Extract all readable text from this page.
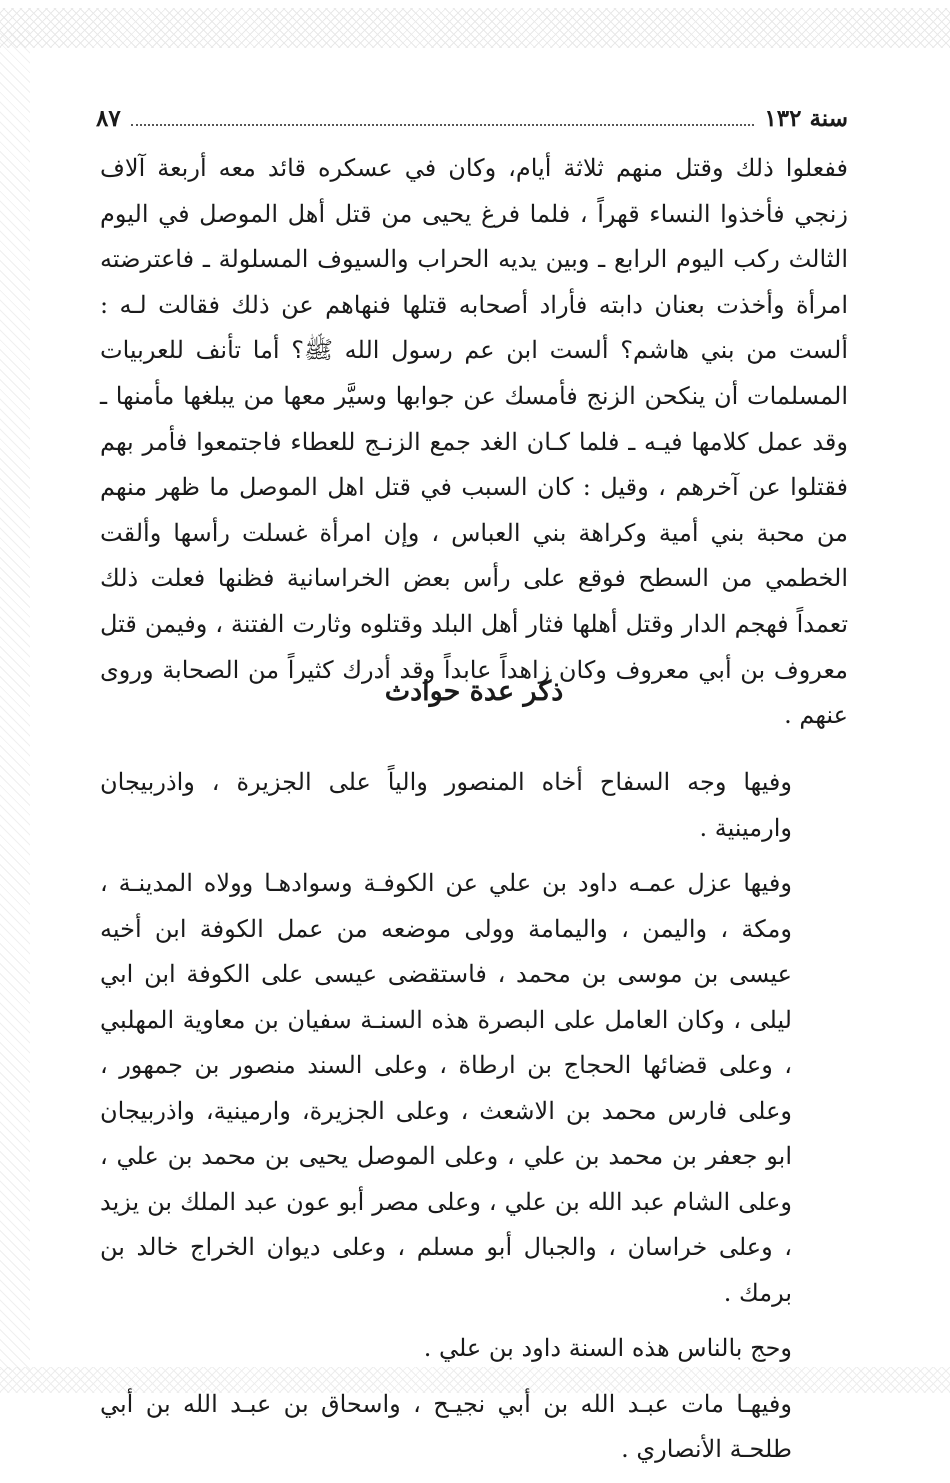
سنة ١٣٢
٨٧

ففعلوا ذلك وقتل منهم ثلاثة أيام، وكان في عسكره قائد معه أربعة آلاف زنجي فأخذوا النساء قهراً ، فلما فرغ يحيى من قتل أهل الموصل في اليوم الثالث ركب اليوم الرابع ـ وبين يديه الحراب والسيوف المسلولة ـ فاعترضته امرأة وأخذت بعنان دابته فأراد أصحابه قتلها فنهاهم عن ذلك فقالت لـه : ألست من بني هاشم؟ ألست ابن عم رسول الله ﷺ؟ أما تأنف للعربيات المسلمات أن ينكحن الزنج فأمسك عن جوابها وسيَّر معها من يبلغها مأمنها ـ وقد عمل كلامها فيـه ـ فلما كـان الغد جمع الزنـج للعطاء فاجتمعوا فأمر بهم فقتلوا عن آخرهم ، وقيل : كان السبب في قتل اهل الموصل ما ظهر منهم من محبة بني أمية وكراهة بني العباس ، وإن امرأة غسلت رأسها وألقت الخطمي من السطح فوقع على رأس بعض الخراسانية فظنها فعلت ذلك تعمداً فهجم الدار وقتل أهلها فثار أهل البلد وقتلوه وثارت الفتنة ، وفيمن قتل معروف بن أبي معروف وكان زاهداً عابداً وقد أدرك كثيراً من الصحابة وروى عنهم .

ذكر عدة حوادث

وفيها وجه السفاح أخاه المنصور والياً على الجزيرة ، واذربيجان وارمينية .

وفيها عزل عمـه داود بن علي عن الكوفـة وسوادهـا وولاه المدينـة ، ومكة ، واليمن ، واليمامة وولى موضعه من عمل الكوفة ابن أخيه عيسى بن موسى بن محمد ، فاستقضى عيسى على الكوفة ابن ابي ليلى ، وكان العامل على البصرة هذه السنـة سفيان بن معاوية المهلبي ، وعلى قضائها الحجاج بن ارطاة ، وعلى السند منصور بن جمهور ، وعلى فارس محمد بن الاشعث ، وعلى الجزيرة، وارمينية، واذربيجان ابو جعفر بن محمد بن علي ، وعلى الموصل يحيى بن محمد بن علي ، وعلى الشام عبد الله بن علي ، وعلى مصر أبو عون عبد الملك بن يزيد ، وعلى خراسان ، والجبال أبو مسلم ، وعلى ديوان الخراج خالد بن برمك .

وحج بالناس هذه السنة داود بن علي .

وفيهـا مات عبـد الله بن أبي نجيـح ، واسحاق بن عبـد الله بن أبي طلحـة الأنصاري .
